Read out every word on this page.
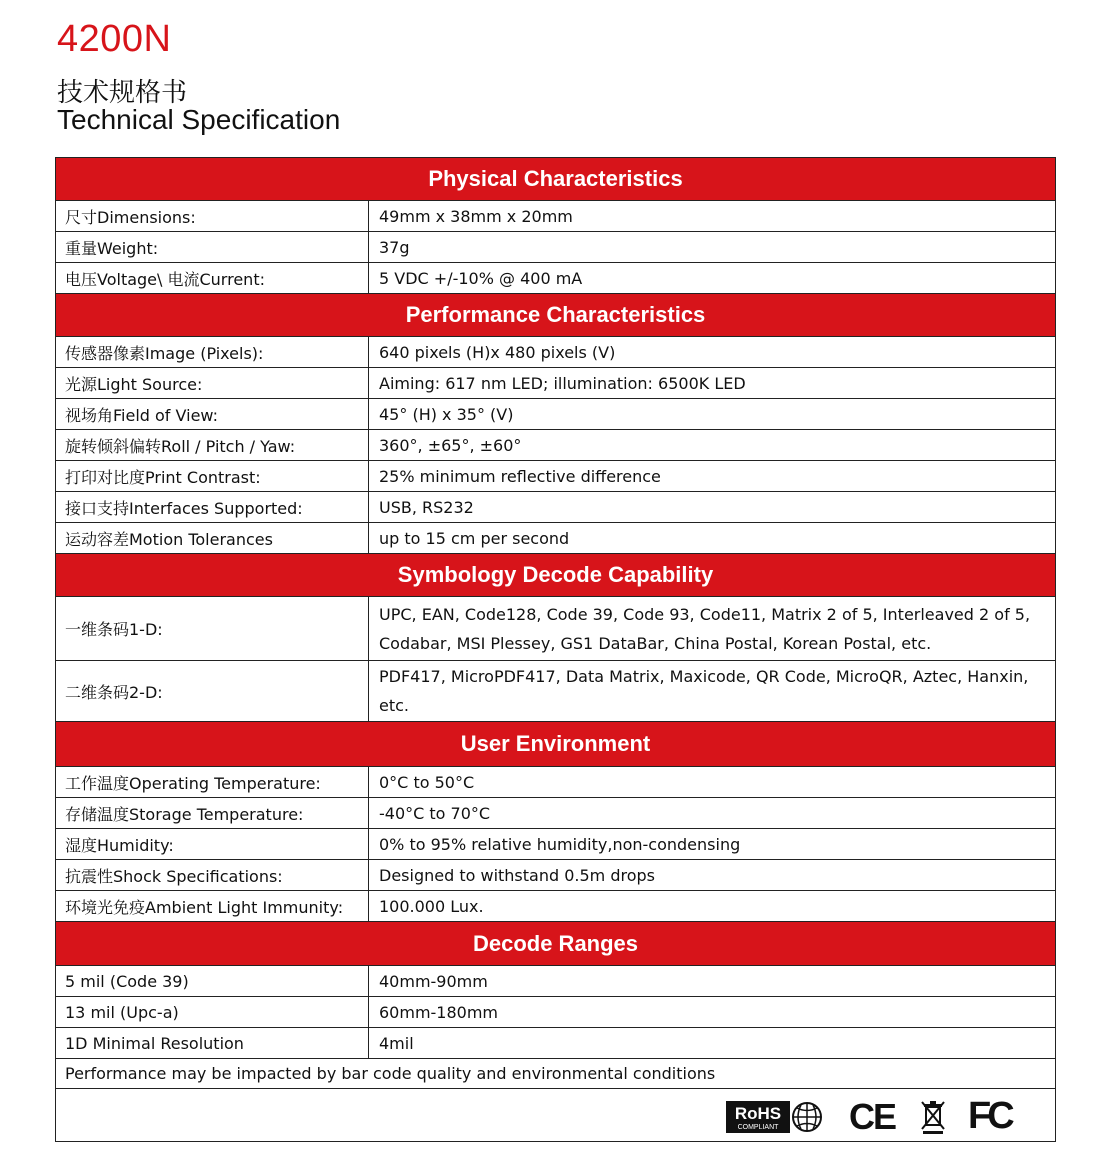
4200N
技术规格书
Technical Specification
Physical Characteristics
尺寸Dimensions:	49mm x 38mm x 20mm
重量Weight:	37g
电压Voltage\ 电流Current:	5 VDC +/-10% @ 400 mA
Performance Characteristics
传感器像素Image (Pixels):	640 pixels (H)x 480 pixels (V)
光源Light Source:	Aiming: 617 nm LED; illumination: 6500K LED
视场角Field of View:	45° (H) x 35° (V)
旋转倾斜偏转Roll / Pitch / Yaw:	360°, ±65°, ±60°
打印对比度Print Contrast:	25% minimum reflective difference
接口支持Interfaces Supported:	USB, RS232
运动容差Motion Tolerances	up to 15 cm per second
Symbology Decode Capability
一维条码1-D:
UPC, EAN, Code128, Code 39, Code 93, Code11, Matrix 2 of 5, Interleaved 2 of 5, Codabar, MSI Plessey, GS1 DataBar, China Postal, Korean Postal, etc.
二维条码2-D:
PDF417, MicroPDF417, Data Matrix, Maxicode, QR Code, MicroQR, Aztec, Hanxin, etc.
User Environment
工作温度Operating Temperature:	0°C to 50°C
存储温度Storage Temperature:	-40°C to 70°C
湿度Humidity:	0% to 95% relative humidity,non-condensing
抗震性Shock Specifications:	Designed to withstand 0.5m drops
环境光免疫Ambient Light Immunity:	100.000 Lux.
Decode Ranges
5 mil (Code 39)	40mm-90mm
13 mil (Upc-a)	60mm-180mm
1D Minimal Resolution	4mil
Performance may be impacted by bar code quality and environmental conditions
RoHS
COMPLIANT CE FC
